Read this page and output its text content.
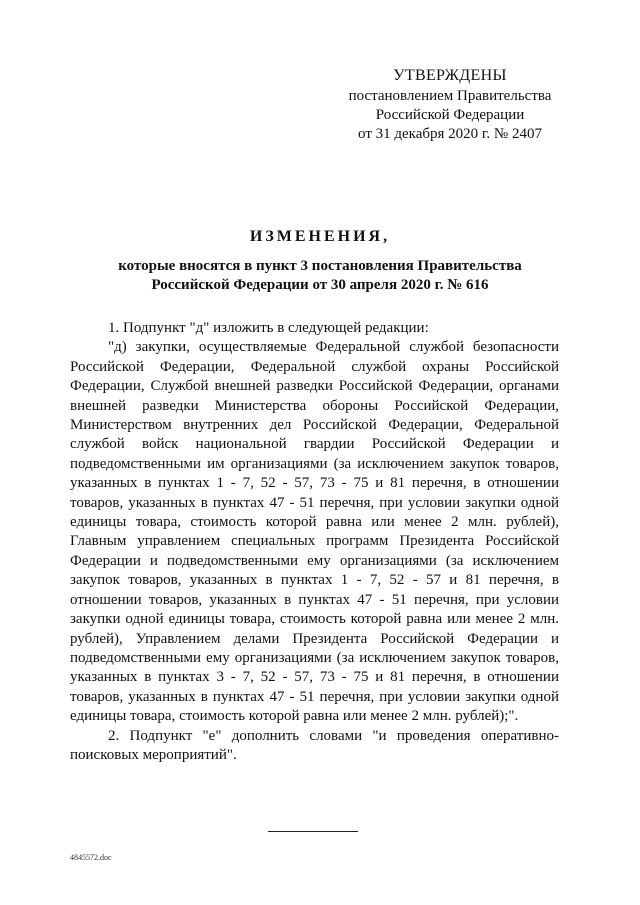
УТВЕРЖДЕНЫ
постановлением Правительства
Российской Федерации
от 31 декабря 2020 г. № 2407
ИЗМЕНЕНИЯ,
которые вносятся в пункт 3 постановления Правительства
Российской Федерации от 30 апреля 2020 г. № 616

1. Подпункт "д" изложить в следующей редакции:

"д) закупки, осуществляемые Федеральной службой безопасности Российской Федерации, Федеральной службой охраны Российской Федерации, Службой внешней разведки Российской Федерации, органами внешней разведки Министерства обороны Российской Федерации, Министерством внутренних дел Российской Федерации, Федеральной службой войск национальной гвардии Российской Федерации и подведомственными им организациями (за исключением закупок товаров, указанных в пунктах 1 - 7, 52 - 57, 73 - 75 и 81 перечня, в отношении товаров, указанных в пунктах 47 - 51 перечня, при условии закупки одной единицы товара, стоимость которой равна или менее 2 млн. рублей), Главным управлением специальных программ Президента Российской Федерации и подведомственными ему организациями (за исключением закупок товаров, указанных в пунктах 1 - 7, 52 - 57 и 81 перечня, в отношении товаров, указанных в пунктах 47 - 51 перечня, при условии закупки одной единицы товара, стоимость которой равна или менее 2 млн. рублей), Управлением делами Президента Российской Федерации и подведомственными ему организациями (за исключением закупок товаров, указанных в пунктах 3 - 7, 52 - 57, 73 - 75 и 81 перечня, в отношении товаров, указанных в пунктах 47 - 51 перечня, при условии закупки одной единицы товара, стоимость которой равна или менее 2 млн. рублей);".

2. Подпункт "е" дополнить словами "и проведения оперативно-поисковых мероприятий".

4845572.doc
